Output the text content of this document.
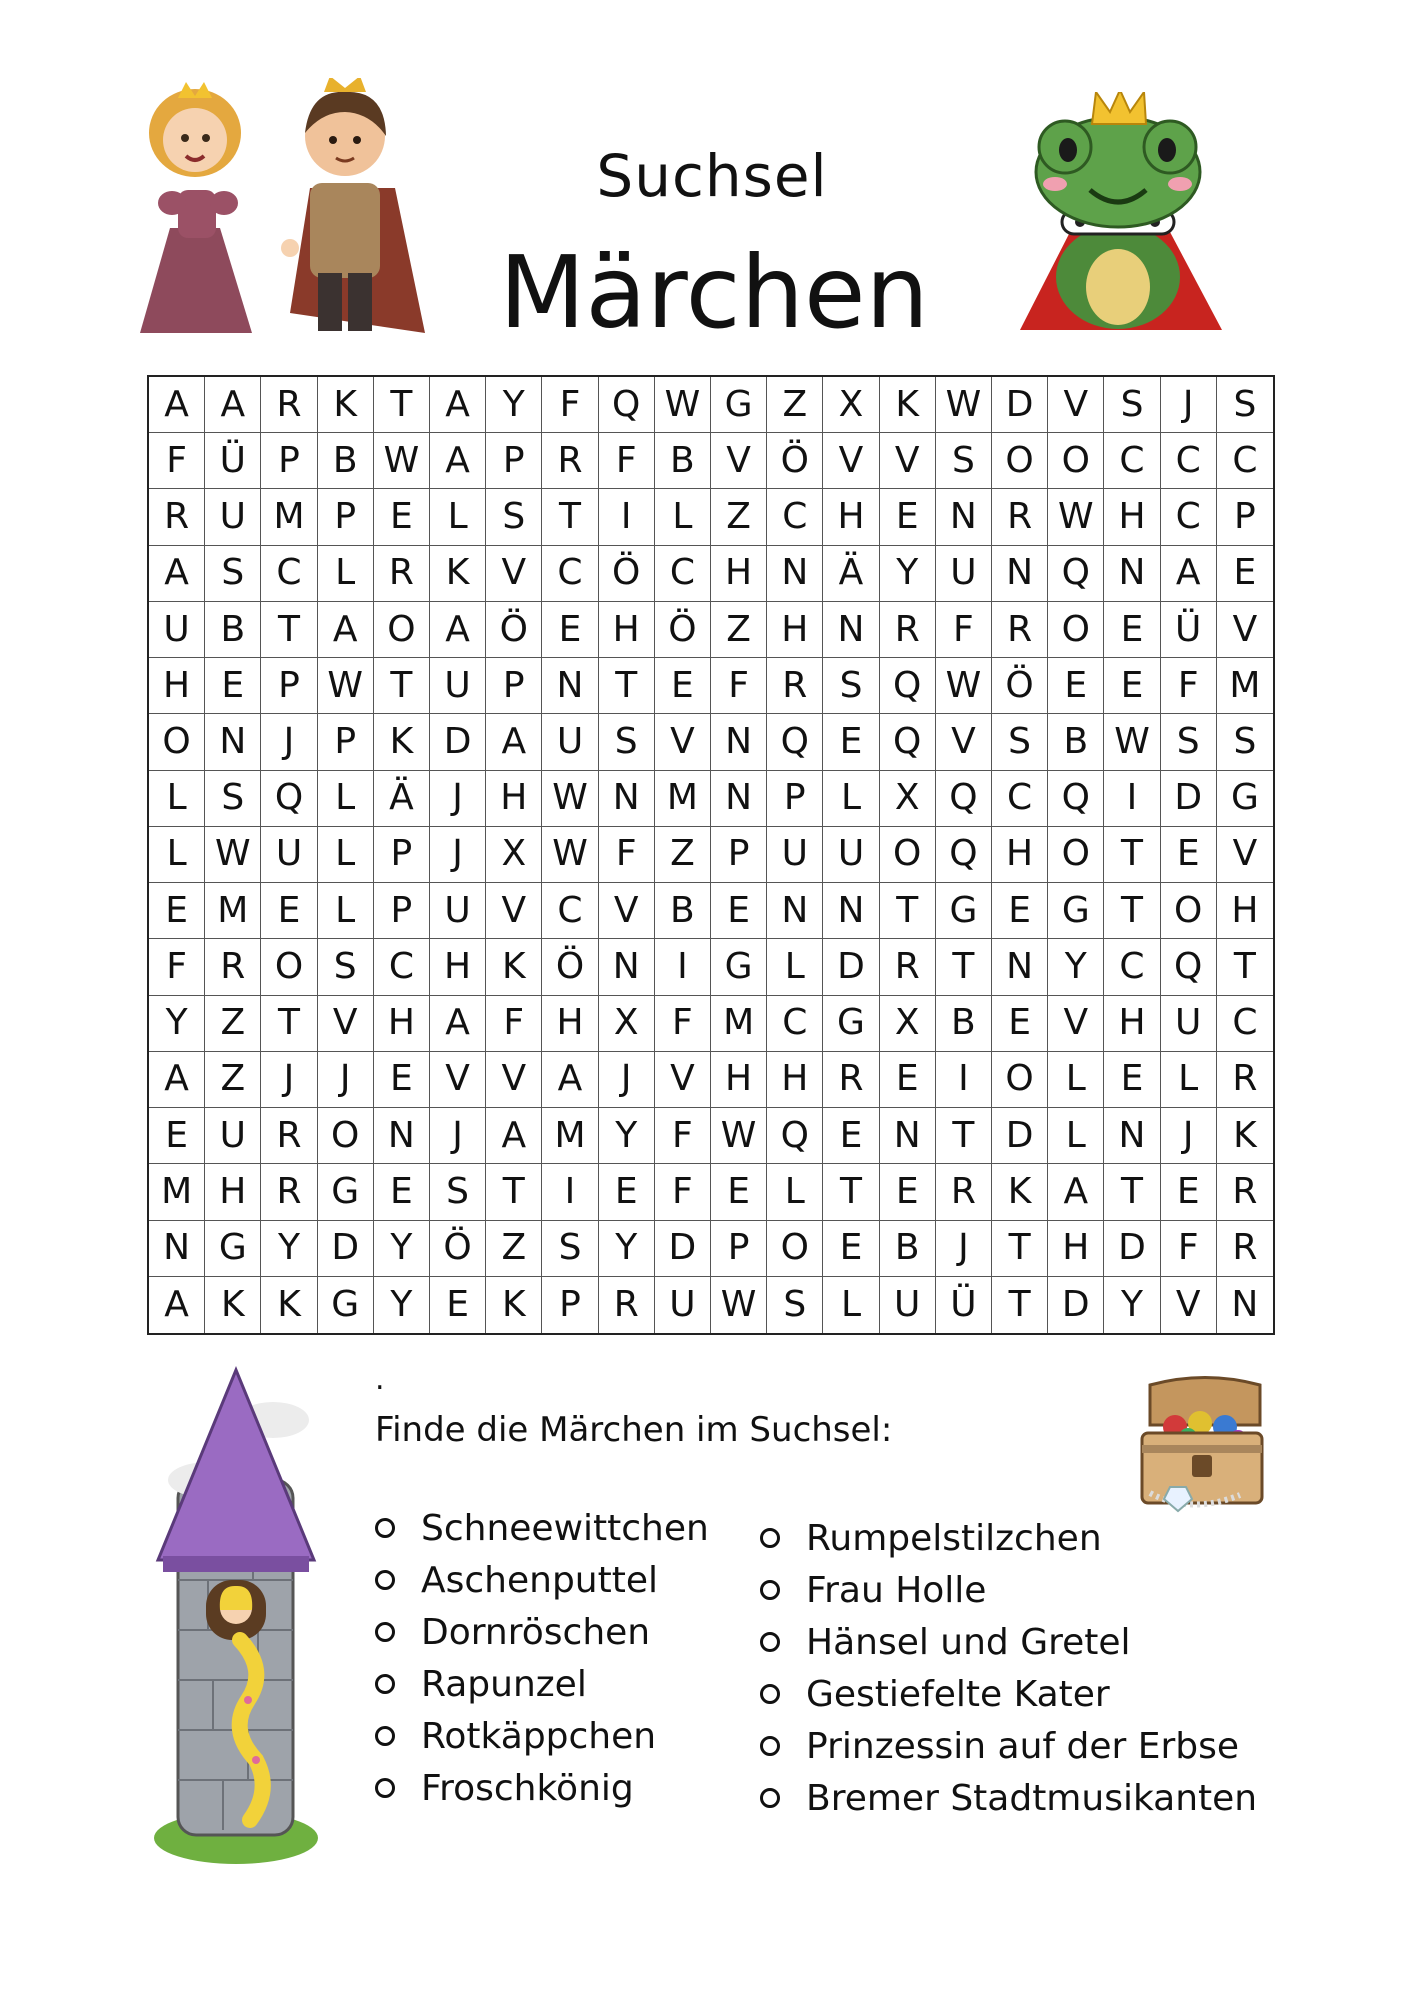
Suchsel
Märchen
A A R K T A Y F Q W G Z X K W D V S	J	S
F Ü P B W A P R F B V Ö V V S O O C C C
R U M P E L S T	I	L Z C H E N R W H C P
A S C L R K V C Ö C H N Ä Y U N Q N A E
U B T A O A Ö E H Ö Z H N R F R O E Ü V
H E P W T U P N T E F R S Q W Ö E E F M
O N	J	P K D A U S V N Q E Q V S B W S S
L S Q L Ä	J	H W N M N P L X Q C Q	I	D G
L W U L P	J	X W F Z P U U O Q H O T E V
E M E L P U V C V B E N N T G E G T O H
F R O S C H K Ö N	I	G L D R T N Y C Q T
Y Z T V H A F H X F M C G X B E V H U C
A Z	J	J	E V V A	J	V H H R E	I	O L E L R
E U R O N	J	A M Y F W Q E N T D L N	J	K
M H R G E S T	I	E F E L T E R K A T E R
N G Y D Y Ö Z S Y D P O E B	J	T H D F R
A K K G Y E K P R U W S L U Ü T D Y V N
.
Finde die Märchen im Suchsel:
Schneewittchen
Aschenputtel
Dornröschen
Rapunzel
Rotkäppchen
Froschkönig
Rumpelstilzchen
Frau Holle
Hänsel und Gretel
Gestiefelte Kater
Prinzessin auf der Erbse
Bremer Stadtmusikanten
